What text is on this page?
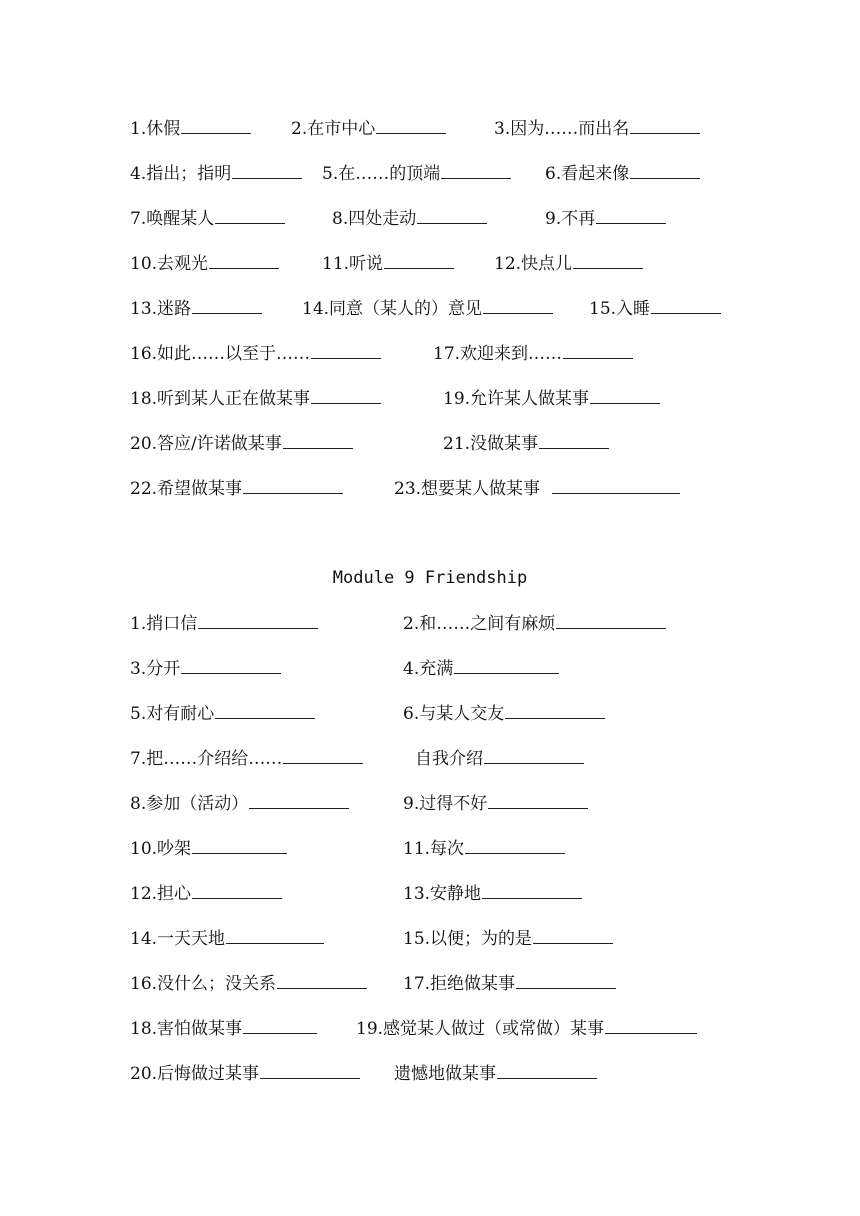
1.休假	2.在市中心	3.因为……而出名
4.指出；指明	5.在……的顶端	6.看起来像
7.唤醒某人	8.四处走动	9.不再
10.去观光	11.听说	12.快点儿
13.迷路	14.同意（某人的）意见	15.入睡
16.如此……以至于……	17.欢迎来到……
18.听到某人正在做某事	19.允许某人做某事
20.答应/许诺做某事	21.没做某事
22.希望做某事	23.想要某人做某事
Module 9 Friendship
1.捎口信	2.和……之间有麻烦
3.分开	4.充满
5.对有耐心	6.与某人交友
7.把……介绍给……	自我介绍
8.参加（活动）	9.过得不好
10.吵架	11.每次
12.担心	13.安静地
14.一天天地	15.以便；为的是
16.没什么；没关系	17.拒绝做某事
18.害怕做某事	19.感觉某人做过（或常做）某事
20.后悔做过某事	遗憾地做某事
